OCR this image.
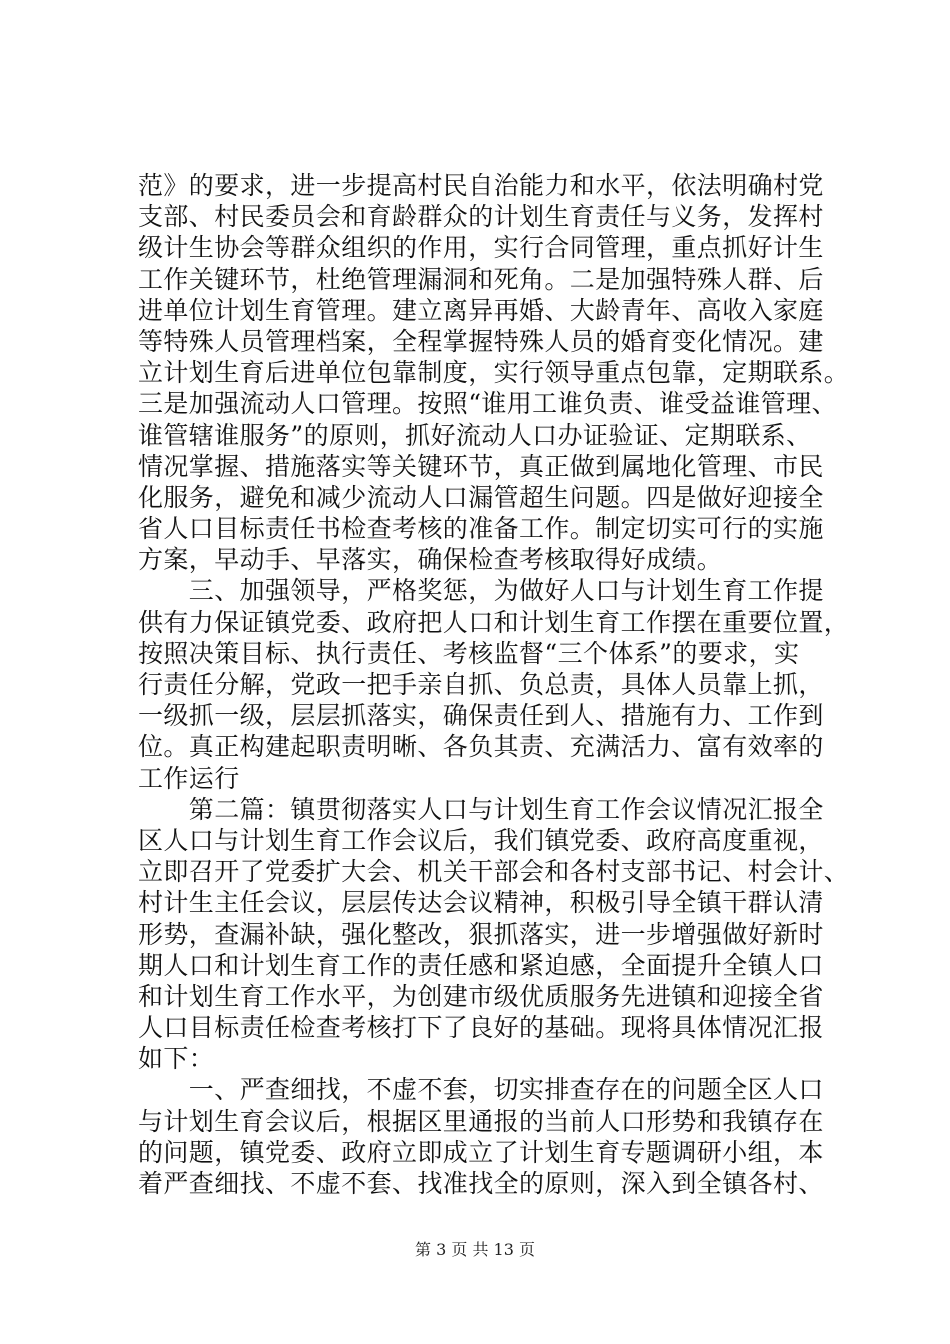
范》的要求，进一步提高村民自治能力和水平，依法明确村党
支部、村民委员会和育龄群众的计划生育责任与义务，发挥村
级计生协会等群众组织的作用，实行合同管理，重点抓好计生
工作关键环节，杜绝管理漏洞和死角。二是加强特殊人群、后
进单位计划生育管理。建立离异再婚、大龄青年、高收入家庭
等特殊人员管理档案，全程掌握特殊人员的婚育变化情况。建
立计划生育后进单位包靠制度，实行领导重点包靠，定期联系。
三是加强流动人口管理。按照“谁用工谁负责、谁受益谁管理、
谁管辖谁服务”的原则，抓好流动人口办证验证、定期联系、
情况掌握、措施落实等关键环节，真正做到属地化管理、市民
化服务，避免和减少流动人口漏管超生问题。四是做好迎接全
省人口目标责任书检查考核的准备工作。制定切实可行的实施
方案，早动手、早落实，确保检查考核取得好成绩。
　　三、加强领导，严格奖惩，为做好人口与计划生育工作提
供有力保证镇党委、政府把人口和计划生育工作摆在重要位置，
按照决策目标、执行责任、考核监督“三个体系”的要求，实
行责任分解，党政一把手亲自抓、负总责，具体人员靠上抓，
一级抓一级，层层抓落实，确保责任到人、措施有力、工作到
位。真正构建起职责明晰、各负其责、充满活力、富有效率的
工作运行
　　第二篇：镇贯彻落实人口与计划生育工作会议情况汇报全
区人口与计划生育工作会议后，我们镇党委、政府高度重视，
立即召开了党委扩大会、机关干部会和各村支部书记、村会计、
村计生主任会议，层层传达会议精神，积极引导全镇干群认清
形势，查漏补缺，强化整改，狠抓落实，进一步增强做好新时
期人口和计划生育工作的责任感和紧迫感，全面提升全镇人口
和计划生育工作水平，为创建市级优质服务先进镇和迎接全省
人口目标责任检查考核打下了良好的基础。现将具体情况汇报
如下：
　　一、严查细找，不虚不套，切实排查存在的问题全区人口
与计划生育会议后，根据区里通报的当前人口形势和我镇存在
的问题，镇党委、政府立即成立了计划生育专题调研小组，本
着严查细找、不虚不套、找准找全的原则，深入到全镇各村、
第 3 页 共 13 页
